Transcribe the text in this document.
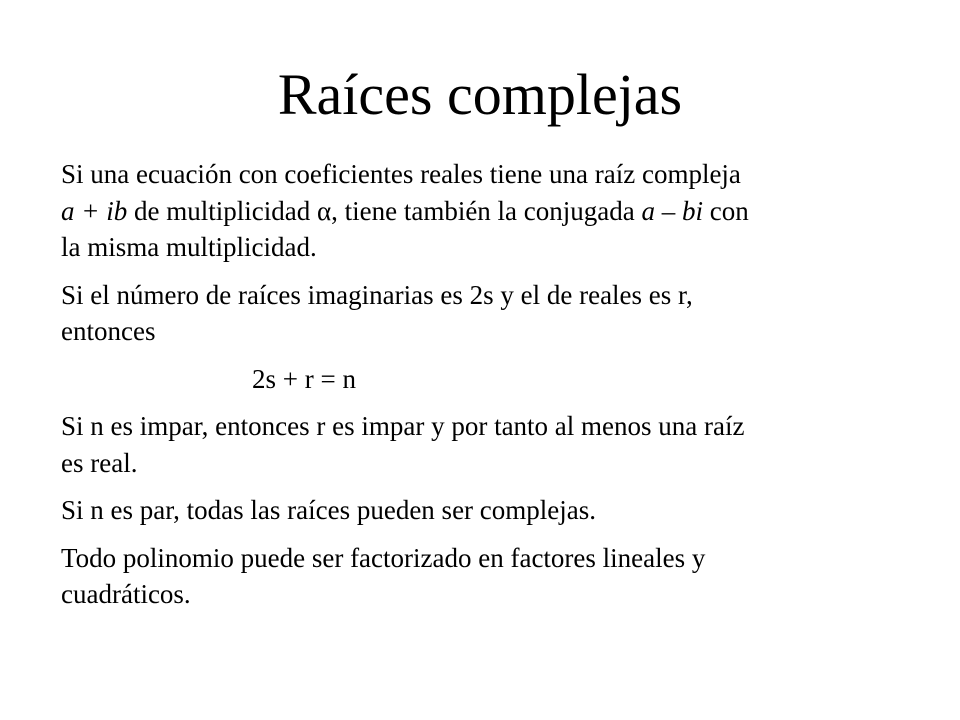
Raíces complejas

Si una ecuación con coeficientes reales tiene una raíz compleja
a + ib de multiplicidad α, tiene también la conjugada a – bi con
la misma multiplicidad.

Si el número de raíces imaginarias es 2s y el de reales es r,
entonces

2s + r = n

Si n es impar, entonces r es impar y por tanto al menos una raíz
es real.

Si n es par, todas las raíces pueden ser complejas.

Todo polinomio puede ser factorizado en factores lineales y
cuadráticos.
